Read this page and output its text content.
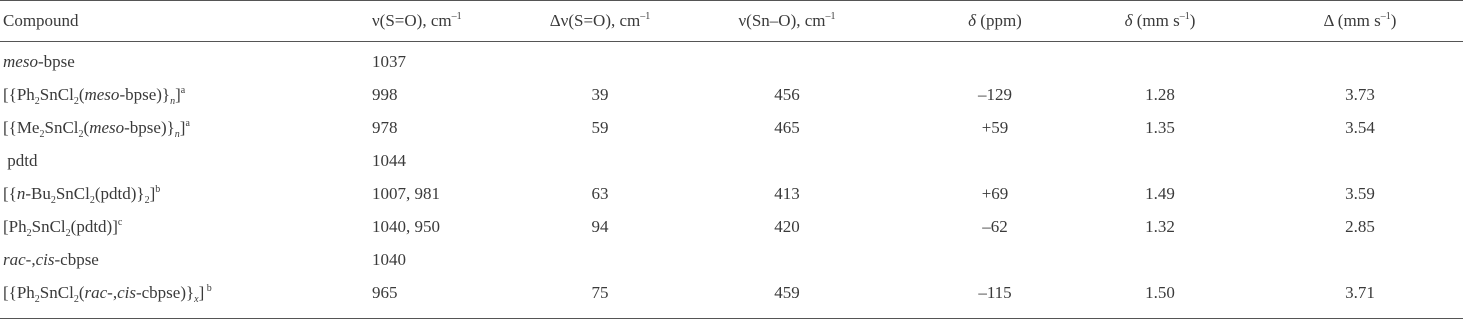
Compound	ν(S=O), $cm^{-1}$	Δν(S=O), $cm^{-1}$	ν(Sn–O), $cm^{-1}$	δ (ppm)	δ (mm $s^{-1}$)	Δ (mm $s^{-1}$)
meso-bpse	1037
$[\{Ph_2SnCl_2(meso-bpse)\}_n]^a$	998	39	456	–129	1.28	3.73
$[\{Me_2SnCl_2(meso-bpse)\}_n]^a$	978	59	465	+59	1.35	3.54
pdtd	1044
$[\{n-Bu_2SnCl_2(pdtd)\}_2]^b$	1007, 981	63	413	+69	1.49	3.59
$[Ph_2SnCl_2(pdtd)]^c$	1040, 950	94	420	–62	1.32	2.85
rac-,cis-cbpse	1040
$[\{Ph_2SnCl_2(rac-,cis-cbpse)\}_x]$ $^b$	965	75	459	–115	1.50	3.71
